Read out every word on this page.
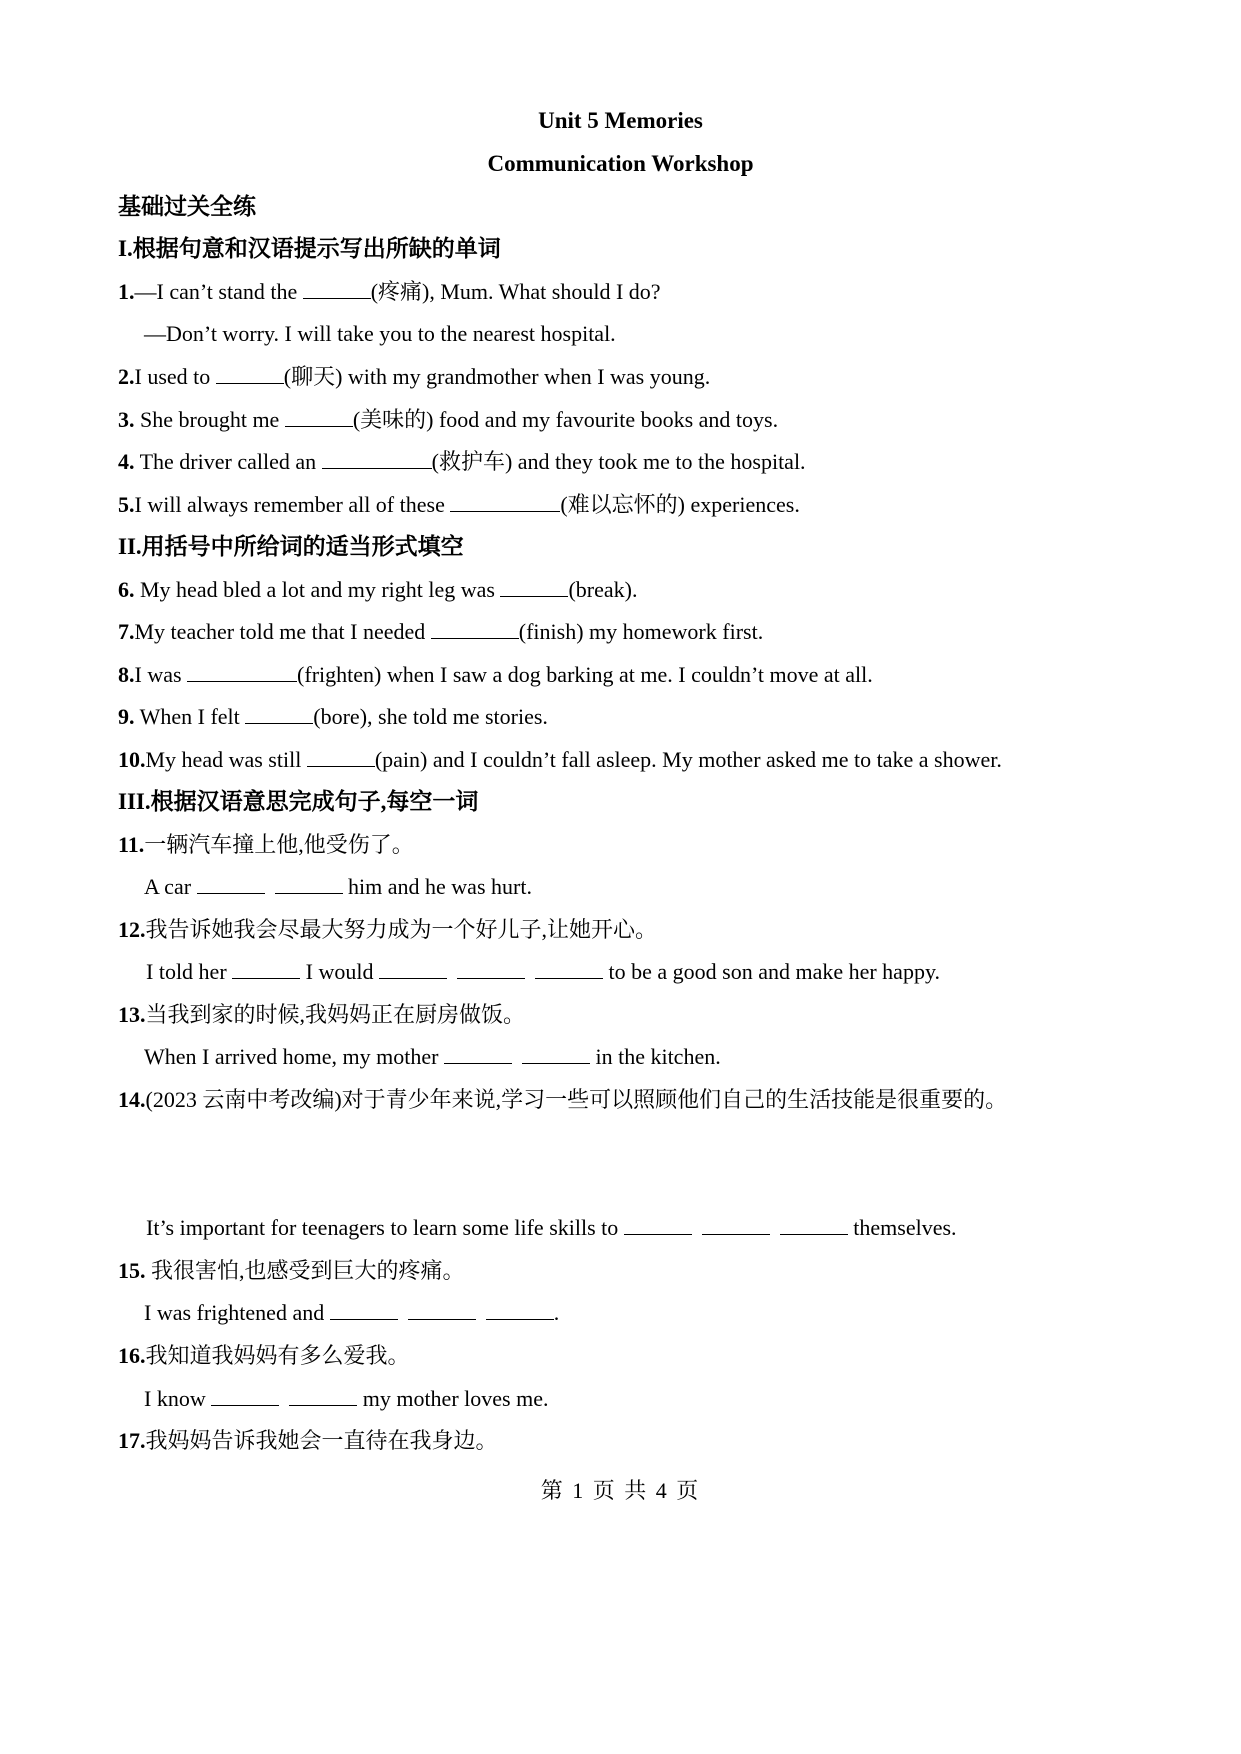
Unit 5 Memories
Communication Workshop
基础过关全练
I.根据句意和汉语提示写出所缺的单词
1.—I can’t stand the	(疼痛), Mum. What should I do?
—Don’t worry. I will take you to the nearest hospital.
2.I used to	(聊天) with my grandmother when I was young.
3. She brought me	(美味的) food and my favourite books and toys.
4. The driver called an	(救护车) and they took me to the hospital.
5.I will always remember all of these	(难以忘怀的) experiences.
II.用括号中所给词的适当形式填空
6. My head bled a lot and my right leg was	(break).
7.My teacher told me that I needed	(finish) my homework first.
8.I was	(frighten) when I saw a dog barking at me. I couldn’t move at all.
9. When I felt	(bore), she told me stories.
10.My head was still	(pain) and I couldn’t fall asleep. My mother asked me to take a shower.
III.根据汉语意思完成句子,每空一词
11.一辆汽车撞上他,他受伤了。
A car	him and he was hurt.
12.我告诉她我会尽最大努力成为一个好儿子,让她开心。
I told her	I would	to be a good son and make her happy.
13.当我到家的时候,我妈妈正在厨房做饭。
When I arrived home, my mother	in the kitchen.
14.(2023 云南中考改编)对于青少年来说,学习一些可以照顾他们自己的生活技能是很重要的。
It’s important for teenagers to learn some life skills to	themselves.
15. 我很害怕,也感受到巨大的疼痛。
I was frightened and	.
16.我知道我妈妈有多么爱我。
I know	my mother loves me.
17.我妈妈告诉我她会一直待在我身边。
第 1 页 共 4 页
